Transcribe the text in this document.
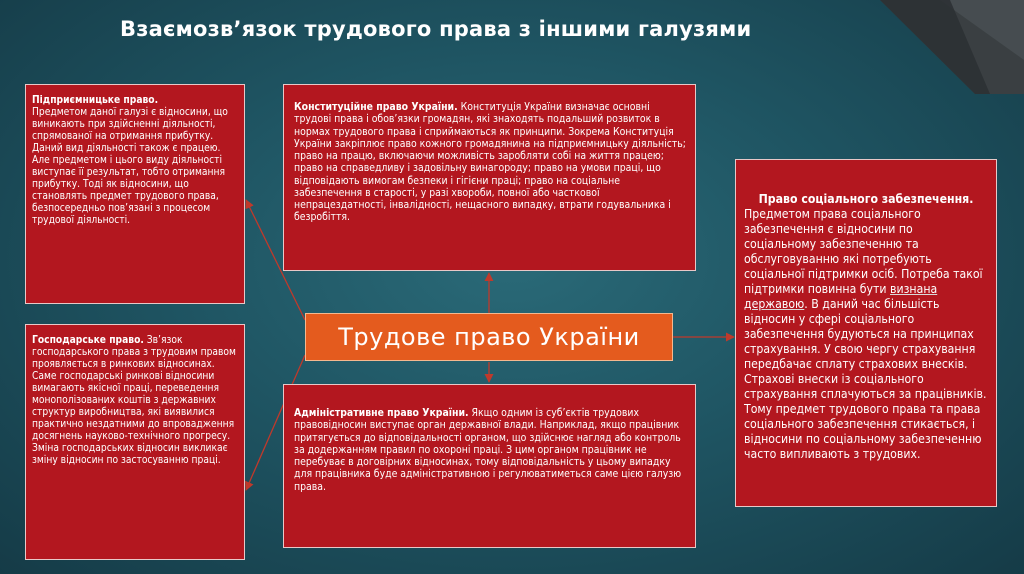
Взаємозв’язок трудового права з іншими галузями
Підприємницьке право.
Предметом даної галузі є відносини, що виникають при здійсненні діяльності, спрямованої на отримання прибутку. Даний вид діяльності також є працею. Але предметом і цього виду діяльності виступає її результат, тобто отримання прибутку. Тоді як відносини, що становлять предмет трудового права, безпосередньо пов’язані з процесом трудової діяльності.
Господарське право. Зв’язок господарського права з трудовим правом проявляється в ринкових відносинах. Саме господарські ринкові відносини вимагають якісної праці, переведення монополізованих коштів з державних структур виробництва, які виявилися практично нездатними до впровадження досягнень науково-технічного прогресу. Зміна господарських відносин викликає зміну відносин по застосуванню праці.
Конституційне право України. Конституція України визначає основні трудові права і обов’язки громадян, які знаходять подальший розвиток в нормах трудового права і сприймаються як принципи. Зокрема Конституція України закріплює право кожного громадянина на підприємницьку діяльність; право на працю, включаючи можливість заробляти собі на життя працею; право на справедливу і задовільну винагороду; право на умови праці, що відповідають вимогам безпеки і гігієни праці; право на соціальне забезпечення в старості, у разі хвороби, повної або часткової непрацездатності, інвалідності, нещасного випадку, втрати годувальника і безробіття.
Адміністративне право України. Якщо одним із суб’єктів трудових правовідносин виступає орган державної влади. Наприклад, якщо працівник притягується до відповідальності органом, що здійснює нагляд або контроль за додержанням правил по охороні праці. З цим органом працівник не перебуває в договірних відносинах, тому відповідальність у цьому випадку для працівника буде адміністративною і регулюватиметься саме цією галузю права.
Право соціального забезпечення.
Предметом права соціального забезпечення є відносини по соціальному забезпеченню та обслуговуванню які потребують соціальної підтримки осіб. Потреба такої підтримки повинна бути визнана державою. В даний час більшість відносин у сфері соціального забезпечення будуються на принципах страхування. У свою чергу страхування передбачає сплату страхових внесків. Страхові внески із соціального страхування сплачуються за працівників. Тому предмет трудового права та права соціального забезпечення стикається, і відносини по соціальному забезпеченню часто випливають з трудових.
Трудове право України
